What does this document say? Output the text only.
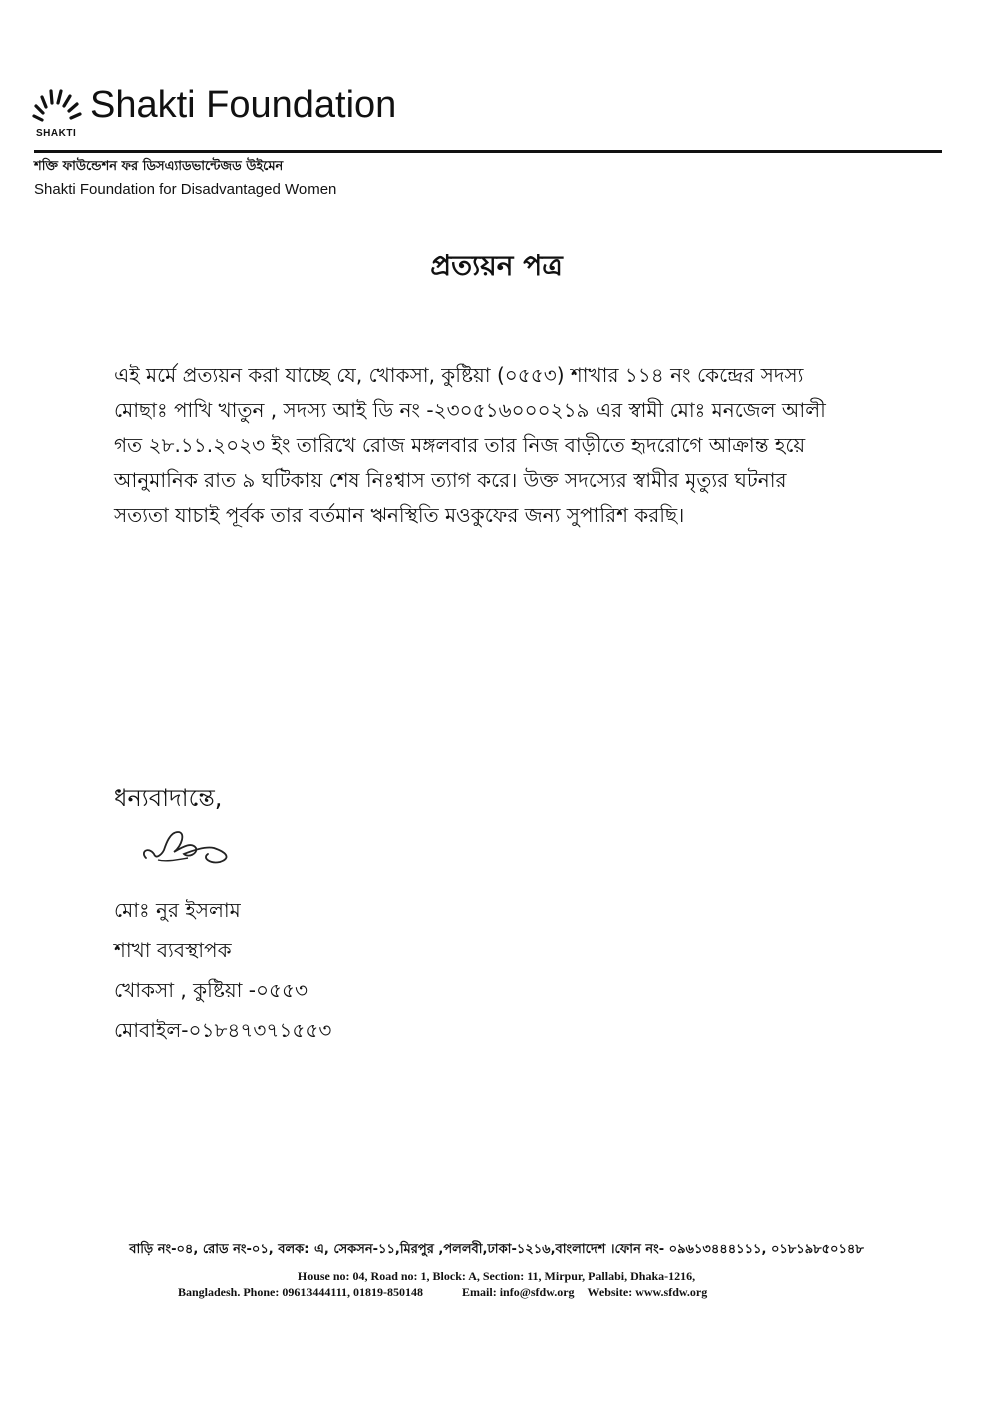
SHAKTI
Shakti Foundation
শক্তি ফাউন্ডেশন ফর ডিসএ্যাডভান্টেজড উইমেন
Shakti Foundation for Disadvantaged Women
প্রত্যয়ন পত্র
এই মর্মে প্রত্যয়ন করা যাচ্ছে যে, খোকসা, কুষ্টিয়া (০৫৫৩) শাখার ১১৪ নং কেন্দ্রের সদস্য
মোছাঃ পাখি খাতুন , সদস্য আই ডি নং -২৩০৫১৬০০০২১৯ এর স্বামী মোঃ মনজেল আলী
গত ২৮.১১.২০২৩ ইং তারিখে রোজ মঙ্গলবার তার নিজ বাড়ীতে হৃদরোগে আক্রান্ত হয়ে
আনুমানিক রাত ৯ ঘটিকায় শেষ নিঃশ্বাস ত্যাগ করে। উক্ত সদস্যের স্বামীর মৃত্যুর ঘটনার
সত্যতা যাচাই পূর্বক তার বর্তমান ঋনস্থিতি মওকুফের জন্য সুপারিশ করছি।
ধন্যবাদান্তে,
মোঃ নুর ইসলাম
শাখা ব্যবস্থাপক
খোকসা , কুষ্টিয়া -০৫৫৩
মোবাইল-০১৮৪৭৩৭১৫৫৩
বাড়ি নং-০৪, রোড নং-০১, বলক: এ, সেকসন-১১,মিরপুর ,পললবী,ঢাকা-১২১৬,বাংলাদেশ ।ফোন নং- ০৯৬১৩৪৪৪১১১, ০১৮১৯৮৫০১৪৮
House no: 04, Road no: 1, Block: A, Section: 11, Mirpur, Pallabi, Dhaka-1216,
Bangladesh. Phone: 09613444111, 01819-850148	Email: info@sfdw.org Website: www.sfdw.org
